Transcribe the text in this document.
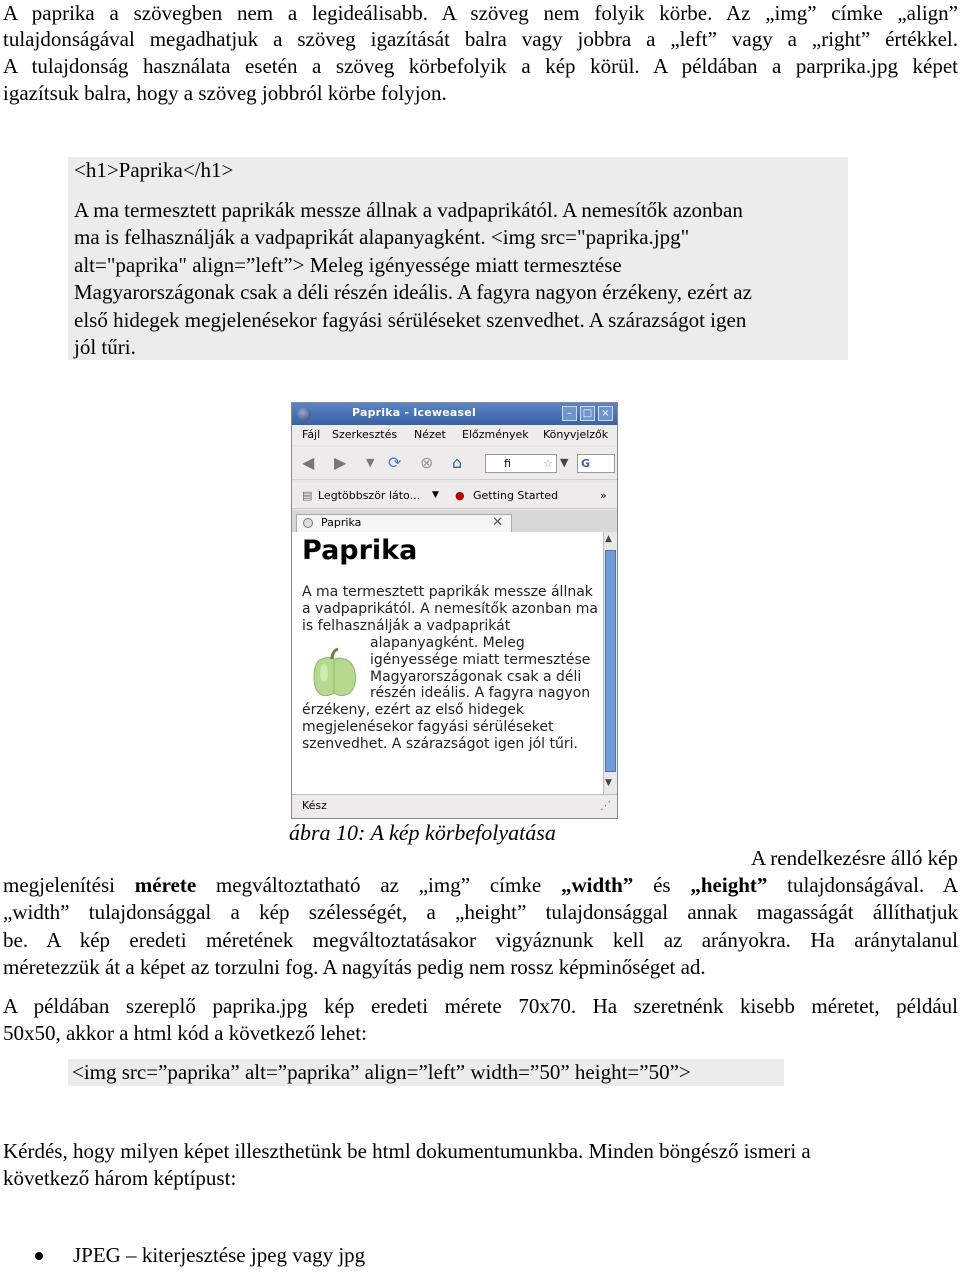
A paprika a szövegben nem a legideálisabb. A szöveg nem folyik körbe. Az „img” címke „align”

tulajdonságával megadhatjuk a szöveg igazítását balra vagy jobbra a „left” vagy a „right” értékkel.

A tulajdonság használata esetén a szöveg körbefolyik a kép körül. A példában a parprika.jpg képet

igazítsuk balra, hogy a szöveg jobbról körbe folyjon.

<h1>Paprika</h1>

A ma termesztett paprikák messze állnak a vadpaprikától. A nemesítők azonban

ma is felhasználják a vadpaprikát alapanyagként. <img src="paprika.jpg"

alt="paprika" align=”left”> Meleg igényessége miatt termesztése

Magyarországonak csak a déli részén ideális. A fagyra nagyon érzékeny, ezért az

első hidegek megjelenésekor fagyási sérüléseket szenvedhet. A szárazságot igen

jól tűri.

Paprika - Iceweasel	–	□ ×
Fájl Szerkesztés Nézet Előzmények Könyvjelzők
◀ ▶ ▼ ⟳ ⊗ ⌂	fi	☆ ▼	G
▤ Legtöbbször láto... ▼ ● Getting Started	»
Paprika	✕
Paprika

A ma termesztett paprikák messze állnak a vadpaprikától. A nemesítők azonban ma is felhasználják a vadpaprikát alapanyagként. Meleg
igényessége miatt termesztése Magyarországonak csak a déli részén ideális. A fagyra nagyon érzékeny, ezért az első hidegek megjelenésekor fagyási sérüléseket szenvedhet. A szárazságot igen jól tűri.

▲
▼
Kész	⋰
ábra 10: A kép körbefolyatása

A rendelkezésre álló kép

megjelenítési mérete megváltoztatható az „img” címke „width” és „height” tulajdonságával. A

„width” tulajdonsággal a kép szélességét, a „height” tulajdonsággal annak magasságát állíthatjuk

be. A kép eredeti méretének megváltoztatásakor vigyáznunk kell az arányokra. Ha aránytalanul

méretezzük át a képet az torzulni fog. A nagyítás pedig nem rossz képminőséget ad.

A példában szereplő paprika.jpg kép eredeti mérete 70x70. Ha szeretnénk kisebb méretet, például

50x50, akkor a html kód a következő lehet:

<img src=”paprika” alt=”paprika” align=”left” width=”50” height=”50”>

Kérdés, hogy milyen képet illeszthetünk be html dokumentumunkba. Minden böngésző ismeri a

következő három képtípust:

JPEG – kiterjesztése jpeg vagy jpg
